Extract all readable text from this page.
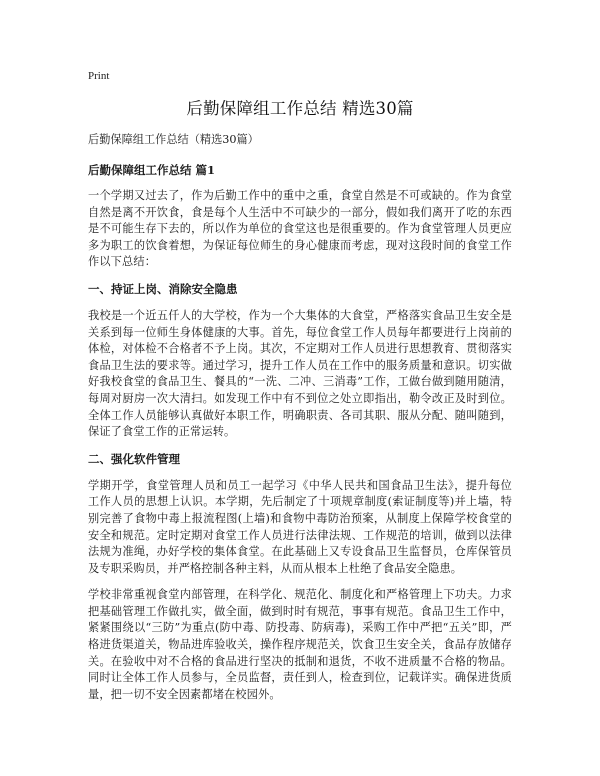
Print
后勤保障组工作总结 精选30篇

后勤保障组工作总结（精选30篇）

后勤保障组工作总结 篇1

一个学期又过去了，作为后勤工作中的重中之重，食堂自然是不可或缺的。作为食堂自然是离不开饮食，食是每个人生活中不可缺少的一部分，假如我们离开了吃的东西是不可能生存下去的，所以作为单位的食堂这也是很重要的。作为食堂管理人员更应多为职工的饮食着想，为保证每位师生的身心健康而考虑，现对这段时间的食堂工作作以下总结：

一、持证上岗、消除安全隐患

我校是一个近五仟人的大学校，作为一个大集体的大食堂，严格落实食品卫生安全是关系到每一位师生身体健康的大事。首先，每位食堂工作人员每年都要进行上岗前的体检，对体检不合格者不予上岗。其次，不定期对工作人员进行思想教育、贯彻落实食品卫生法的要求等。通过学习，提升工作人员在工作中的服务质量和意识。切实做好我校食堂的食品卫生、餐具的“一洗、二冲、三消毒”工作，工做台做到随用随清，每周对厨房一次大清扫。如发现工作中有不到位之处立即指出，勒令改正及时到位。全体工作人员能够认真做好本职工作，明确职责、各司其职、服从分配、随叫随到，保证了食堂工作的正常运转。

二、强化软件管理

学期开学，食堂管理人员和员工一起学习《中华人民共和国食品卫生法》，提升每位工作人员的思想上认识。本学期，先后制定了十项规章制度(索证制度等)并上墙，特别完善了食物中毒上报流程图(上墙)和食物中毒防治预案，从制度上保障学校食堂的安全和规范。定时定期对食堂工作人员进行法律法规、工作规范的培训，做到以法律法规为准绳，办好学校的集体食堂。在此基础上又专设食品卫生监督员，仓库保管员及专职采购员，并严格控制各种主料，从而从根本上杜绝了食品安全隐患。

学校非常重视食堂内部管理，在科学化、规范化、制度化和严格管理上下功夫。力求把基础管理工作做扎实，做全面，做到时时有规范，事事有规范。食品卫生工作中，紧紧围绕以“三防”为重点(防中毒、防投毒、防病毒)，采购工作中严把“五关”即，严格进货渠道关，物品进库验收关，操作程序规范关，饮食卫生安全关，食品存放储存关。在验收中对不合格的食品进行坚决的抵制和退货，不收不进质量不合格的物品。同时让全体工作人员参与，全员监督，责任到人，检查到位，记载详实。确保进货质量，把一切不安全因素都堵在校园外。
